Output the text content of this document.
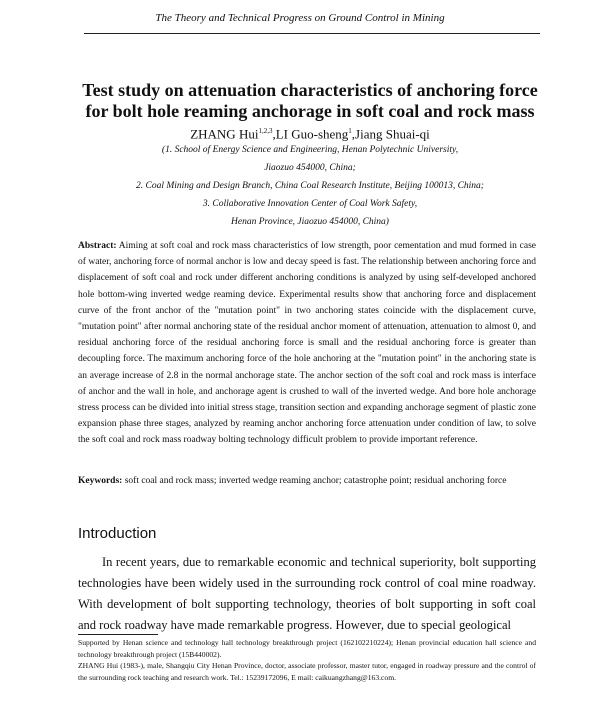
The Theory and Technical Progress on Ground Control in Mining
Test study on attenuation characteristics of anchoring force
for bolt hole reaming anchorage in soft coal and rock mass
ZHANG Hui$^{1,2,3}$,LI Guo-sheng$^1$,Jiang Shuai-qi
(1. School of Energy Science and Engineering, Henan Polytechnic University,
Jiaozuo 454000, China;
2. Coal Mining and Design Branch, China Coal Research Institute, Beijing 100013, China;
3. Collaborative Innovation Center of Coal Work Safety,
Henan Province, Jiaozuo 454000, China)
Abstract: Aiming at soft coal and rock mass characteristics of low strength, poor cementation and mud formed in case of water, anchoring force of normal anchor is low and decay speed is fast. The relationship between anchoring force and displacement of soft coal and rock under different anchoring conditions is analyzed by using self-developed anchored hole bottom-wing inverted wedge reaming device. Experimental results show that anchoring force and displacement curve of the front anchor of the "mutation point" in two anchoring states coincide with the displacement curve, "mutation point" after normal anchoring state of the residual anchor moment of attenuation, attenuation to almost 0, and residual anchoring force of the residual anchoring force is small and the residual anchoring force is greater than decoupling force. The maximum anchoring force of the hole anchoring at the "mutation point" in the anchoring state is an average increase of 2.8 in the normal anchorage state. The anchor section of the soft coal and rock mass is interface of anchor and the wall in hole, and anchorage agent is crushed to wall of the inverted wedge. And bore hole anchorage stress process can be divided into initial stress stage, transition section and expanding anchorage segment of plastic zone expansion phase three stages, analyzed by reaming anchor anchoring force attenuation under condition of law, to solve the soft coal and rock mass roadway bolting technology difficult problem to provide important reference.
Keywords: soft coal and rock mass; inverted wedge reaming anchor; catastrophe point; residual anchoring force
Introduction
In recent years, due to remarkable economic and technical superiority, bolt supporting technologies have been widely used in the surrounding rock control of coal mine roadway. With development of bolt supporting technology, theories of bolt supporting in soft coal and rock roadway have made remarkable progress. However, due to special geological
Supported by Henan science and technology hall technology breakthrough project (162102210224); Henan provincial education hall science and technology breakthrough project (15B440002).
ZHANG Hui (1983-), male, Shangqiu City Henan Province, doctor, associate professor, master tutor, engaged in roadway pressure and the control of the surrounding rock teaching and research work. Tel.: 15239172096, E mail: caikuangzhang@163.com.
